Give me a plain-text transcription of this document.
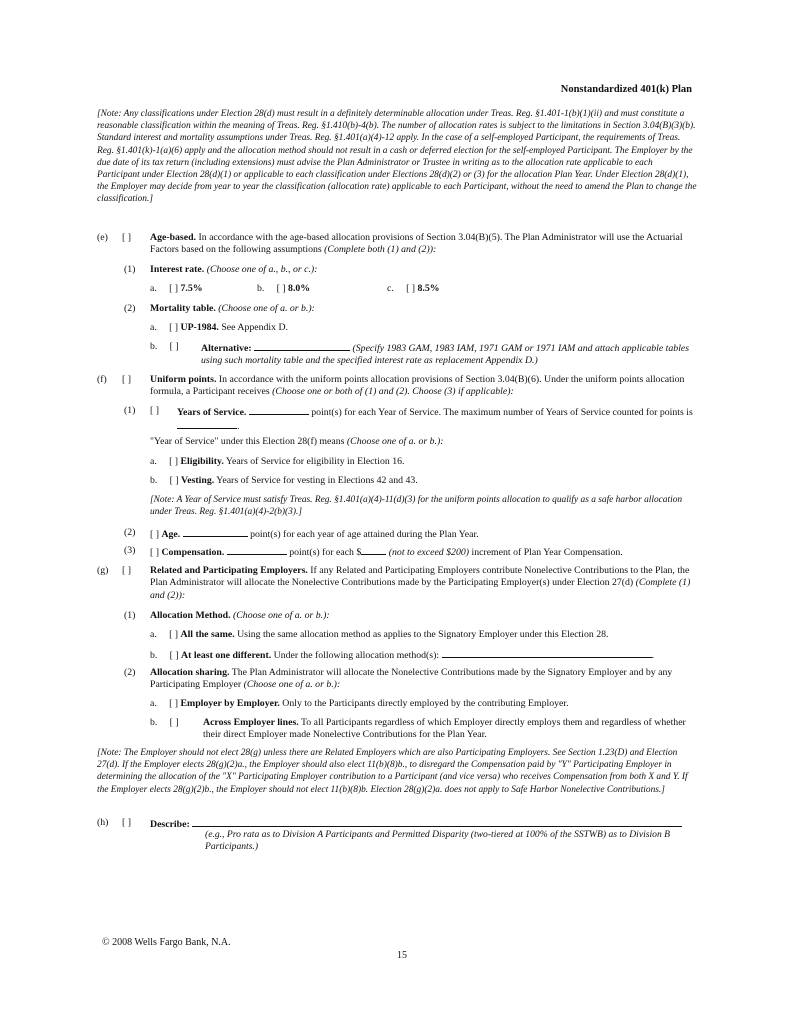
Nonstandardized 401(k) Plan
[Note: Any classifications under Election 28(d) must result in a definitely determinable allocation under Treas. Reg. §1.401-1(b)(1)(ii) and must constitute a reasonable classification within the meaning of Treas. Reg. §1.410(b)-4(b). The number of allocation rates is subject to the limitations in Section 3.04(B)(3)(b). Standard interest and mortality assumptions under Treas. Reg. §1.401(a)(4)-12 apply. In the case of a self-employed Participant, the requirements of Treas. Reg. §1.401(k)-1(a)(6) apply and the allocation method should not result in a cash or deferred election for the self-employed Participant. The Employer by the due date of its tax return (including extensions) must advise the Plan Administrator or Trustee in writing as to the allocation rate applicable to each Participant under Election 28(d)(1) or applicable to each classification under Elections 28(d)(2) or (3) for the allocation Plan Year. Under Election 28(d)(1), the Employer may decide from year to year the classification (allocation rate) applicable to each Participant, without the need to amend the Plan to change the classification.]
(e) [ ] Age-based. In accordance with the age-based allocation provisions of Section 3.04(B)(5). The Plan Administrator will use the Actuarial Factors based on the following assumptions (Complete both (1) and (2)):
(1) Interest rate. (Choose one of a., b., or c.):
a. [ ] 7.5%	b. [ ] 8.0%	c. [ ] 8.5%
(2) Mortality table. (Choose one of a. or b.):
a. [ ] UP-1984. See Appendix D.
b. [ ] Alternative:	(Specify 1983 GAM, 1983 IAM, 1971 GAM or 1971 IAM and attach applicable tables using such mortality table and the specified interest rate as replacement Appendix D.)
(f) [ ] Uniform points. In accordance with the uniform points allocation provisions of Section 3.04(B)(6). Under the uniform points allocation formula, a Participant receives (Choose one or both of (1) and (2). Choose (3) if applicable):
(1) [ ] Years of Service.	point(s) for each Year of Service. The maximum number of Years of Service counted for points is .
"Year of Service" under this Election 28(f) means (Choose one of a. or b.):
a. [ ] Eligibility. Years of Service for eligibility in Election 16.
b. [ ] Vesting. Years of Service for vesting in Elections 42 and 43.
[Note: A Year of Service must satisfy Treas. Reg. §1.401(a)(4)-11(d)(3) for the uniform points allocation to qualify as a safe harbor allocation under Treas. Reg. §1.401(a)(4)-2(b)(3).]
(2) [ ] Age.	point(s) for each year of age attained during the Plan Year.
(3) [ ] Compensation.	point(s) for each $	(not to exceed $200) increment of Plan Year Compensation.
(g) [ ] Related and Participating Employers. If any Related and Participating Employers contribute Nonelective Contributions to the Plan, the Plan Administrator will allocate the Nonelective Contributions made by the Participating Employer(s) under Election 27(d) (Complete (1) and (2)):
(1) Allocation Method. (Choose one of a. or b.):
a. [ ] All the same. Using the same allocation method as applies to the Signatory Employer under this Election 28.
b. [ ] At least one different. Under the following allocation method(s):	.
(2) Allocation sharing. The Plan Administrator will allocate the Nonelective Contributions made by the Signatory Employer and by any Participating Employer (Choose one of a. or b.):
a. [ ] Employer by Employer. Only to the Participants directly employed by the contributing Employer.
b. [ ] Across Employer lines. To all Participants regardless of which Employer directly employs them and regardless of whether their direct Employer made Nonelective Contributions for the Plan Year.
[Note: The Employer should not elect 28(g) unless there are Related Employers which are also Participating Employers. See Section 1.23(D) and Election 27(d). If the Employer elects 28(g)(2)a., the Employer should also elect 11(b)(8)b., to disregard the Compensation paid by "Y" Participating Employer in determining the allocation of the "X" Participating Employer contribution to a Participant (and vice versa) who receives Compensation from both X and Y. If the Employer elects 28(g)(2)b., the Employer should not elect 11(b)(8)b. Election 28(g)(2)a. does not apply to Safe Harbor Nonelective Contributions.]
(h) [ ] Describe:
(e.g., Pro rata as to Division A Participants and Permitted Disparity (two-tiered at 100% of the SSTWB) as to Division B Participants.)
© 2008 Wells Fargo Bank, N.A.
15
